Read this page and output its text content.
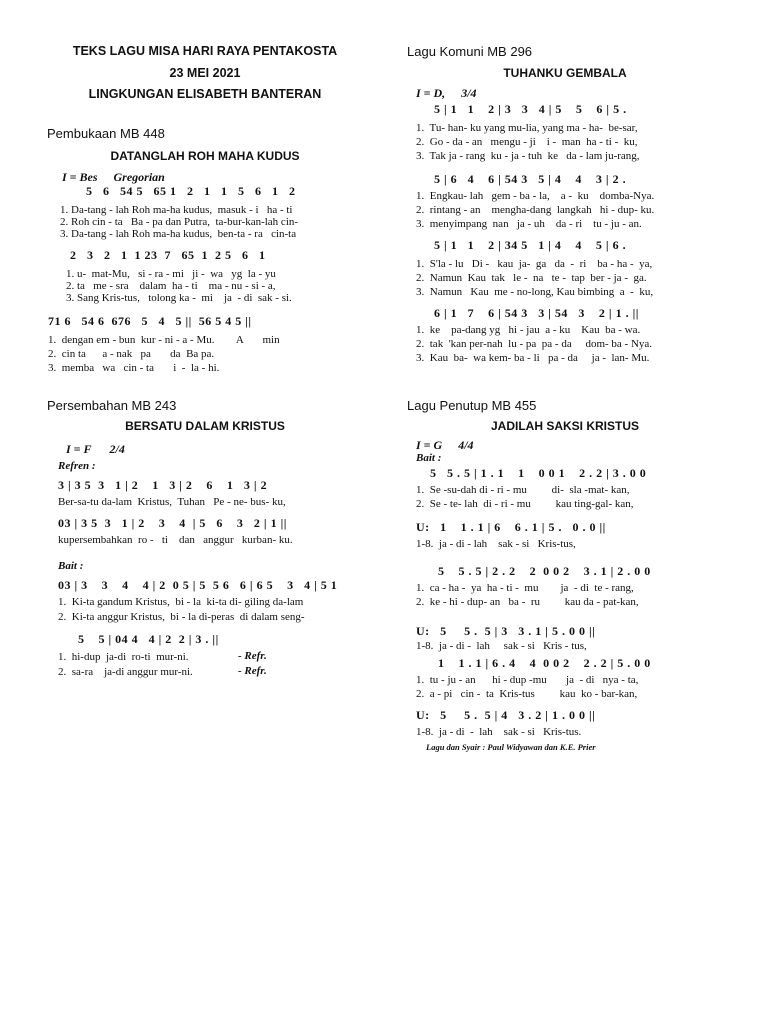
TEKS LAGU MISA HARI RAYA PENTAKOSTA
23 MEI 2021
LINGKUNGAN ELISABETH BANTERAN
Pembukaan MB 448
DATANGLAH ROH MAHA KUDUS
I = Bes Gregorian
5   6   54 5   65 1   2   1   1   5   6   1   2
1. Da-tang - lah Roh ma-ha kudus,  masuk - i   ha - ti
2. Roh cin - ta   Ba - pa dan Putra,  ta-bur-kan-lah cin-
3. Da-tang - lah Roh ma-ha kudus,  ben-ta - ra   cin-ta
2   3   2   1  1 23  7   65  1  2 5   6   1
1. u-  mat-Mu,   si - ra - mi   ji -  wa   yg  la - yu
2. ta   me - sra    dalam  ha - ti    ma - nu - si - a,
3. Sang Kris-tus,   tolong ka -  mi    ja  - di  sak - si.
71 6   54 6  676   5   4   5 ||  56 5 4 5 ||
1.  dengan em - bun  kur - ni - a - Mu.        A       min
2.  cin ta      a - nak   pa       da  Ba pa.
3.  memba   wa   cin - ta       i  -  la - hi.
Persembahan MB 243
BERSATU DALAM KRISTUS
I = F 2/4
Refren :
3 | 3 5  3   1 | 2    1   3 | 2    6    1   3 | 2
Ber-sa-tu da-lam  Kristus,  Tuhan   Pe - ne- bus- ku,
03 | 3 5  3   1 | 2    3    4  | 5   6    3   2 | 1 ||
kupersembahkan  ro -   ti    dan   anggur   kurban- ku.
Bait :
03 | 3    3    4    4 | 2  0 5 | 5  5 6   6 | 6 5    3   4 | 5 1
1.  Ki-ta gandum Kristus,  bi - la  ki-ta di- giling da-lam
2.  Ki-ta anggur Kristus,  bi - la di-peras  di dalam seng-
5    5 | 04 4   4 | 2  2 | 3 . ||
1.  hi-dup  ja-di  ro-ti  mur-ni.
2.  sa-ra    ja-di anggur mur-ni.
- Refr.
- Refr.
Lagu Komuni MB 296
TUHANKU GEMBALA
I = D, 3/4
5 | 1   1    2 | 3   3   4 | 5    5    6 | 5 .
1.  Tu- han- ku yang mu-lia, yang ma - ha-  be-sar,
2.  Go - da - an   mengu - ji    i -  man  ha - ti -  ku,
3.  Tak ja - rang  ku - ja - tuh  ke   da - lam ju-rang,
5 | 6   4    6 | 54 3   5 | 4    4    3 | 2 .
1.  Engkau- lah   gem - ba - la,    a -  ku    domba-Nya.
2.  rintang - an    mengha-dang  langkah   hi - dup- ku.
3.  menyimpang  nan   ja - uh    da - ri    tu - ju - an.
5 | 1   1    2 | 34 5   1 | 4    4    5 | 6 .
1.  S'la - lu   Di -   kau  ja-  ga   da  -  ri    ba - ha -  ya,
2.  Namun  Kau  tak   le -  na   te -  tap  ber - ja -  ga.
3.  Namun   Kau  me - no-long, Kau bimbing  a  -  ku,
6 | 1   7    6 | 54 3   3 | 54   3    2 | 1 . ||
1.  ke    pa-dang yg   hi - jau  a - ku    Kau  ba - wa.
2.  tak  'kan per-nah  lu - pa  pa - da     dom- ba - Nya.
3.  Kau  ba-  wa kem- ba - li   pa - da     ja -  lan- Mu.
Lagu Penutup MB 455
JADILAH SAKSI KRISTUS
I = G 4/4
Bait :
5   5 . 5 | 1 . 1    1    0 0 1    2 . 2 | 3 . 0 0
1.  Se -su-dah di - ri - mu         di-  sla -mat- kan,
2.  Se - te- lah  di - ri - mu         kau ting-gal- kan,
U:   1    1 . 1 | 6    6 . 1 | 5 .   0 . 0 ||
1-8.  ja - di - lah    sak - si   Kris-tus,
5    5 . 5 | 2 . 2    2  0 0 2    3 . 1 | 2 . 0 0
1.  ca - ha -  ya  ha - ti -  mu        ja  - di  te - rang,
2.  ke - hi - dup- an   ba -  ru         kau da - pat-kan,
U:   5     5 .  5 | 3   3 . 1 | 5 . 0 0 ||
1-8.  ja - di -  lah     sak - si   Kris - tus,
1    1 . 1 | 6 . 4    4  0 0 2    2 . 2 | 5 . 0 0
1.  tu - ju - an      hi - dup -mu       ja  - di   nya - ta,
2.  a - pi   cin -  ta  Kris-tus         kau  ko - bar-kan,
U:   5     5 .  5 | 4   3 . 2 | 1 . 0 0 ||
1-8.  ja - di  -  lah    sak - si   Kris-tus.
Lagu dan Syair : Paul Widyawan dan K.E. Prier
